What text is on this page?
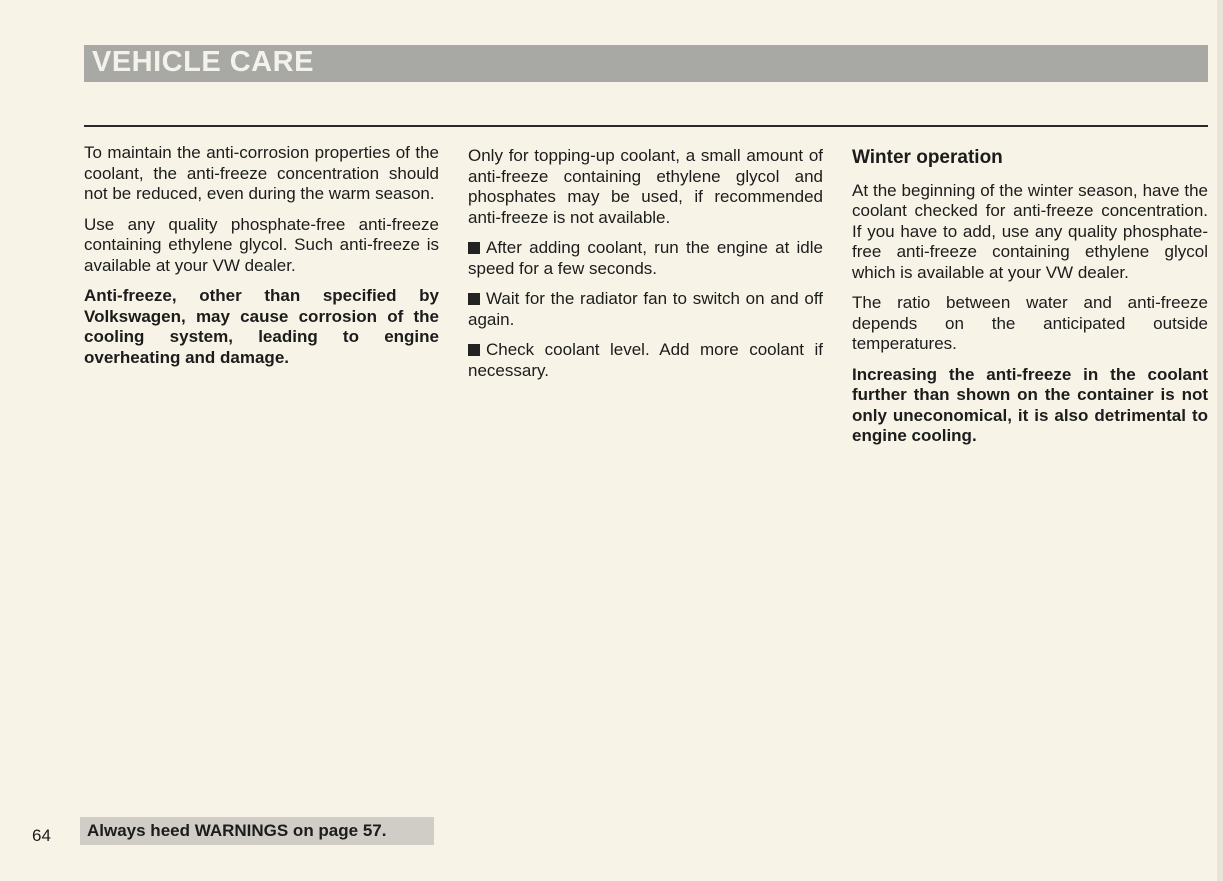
VEHICLE CARE

To maintain the anti-corrosion properties of the coolant, the anti-freeze concentration should not be reduced, even during the warm season.

Use any quality phosphate-free anti-freeze containing ethylene glycol. Such anti-freeze is available at your VW dealer.

Anti-freeze, other than specified by Volkswagen, may cause corrosion of the cooling system, leading to engine overheating and damage.

Only for topping-up coolant, a small amount of anti-freeze containing ethylene glycol and phosphates may be used, if recommended anti-freeze is not available.

After adding coolant, run the engine at idle speed for a few seconds.

Wait for the radiator fan to switch on and off again.

Check coolant level. Add more coolant if necessary.

Winter operation

At the beginning of the winter season, have the coolant checked for anti-freeze concentration. If you have to add, use any quality phosphate-free anti-freeze containing ethylene glycol which is available at your VW dealer.

The ratio between water and anti-freeze depends on the anticipated outside temperatures.

Increasing the anti-freeze in the coolant further than shown on the container is not only uneconomical, it is also detrimental to engine cooling.

64 Always heed WARNINGS on page 57.
